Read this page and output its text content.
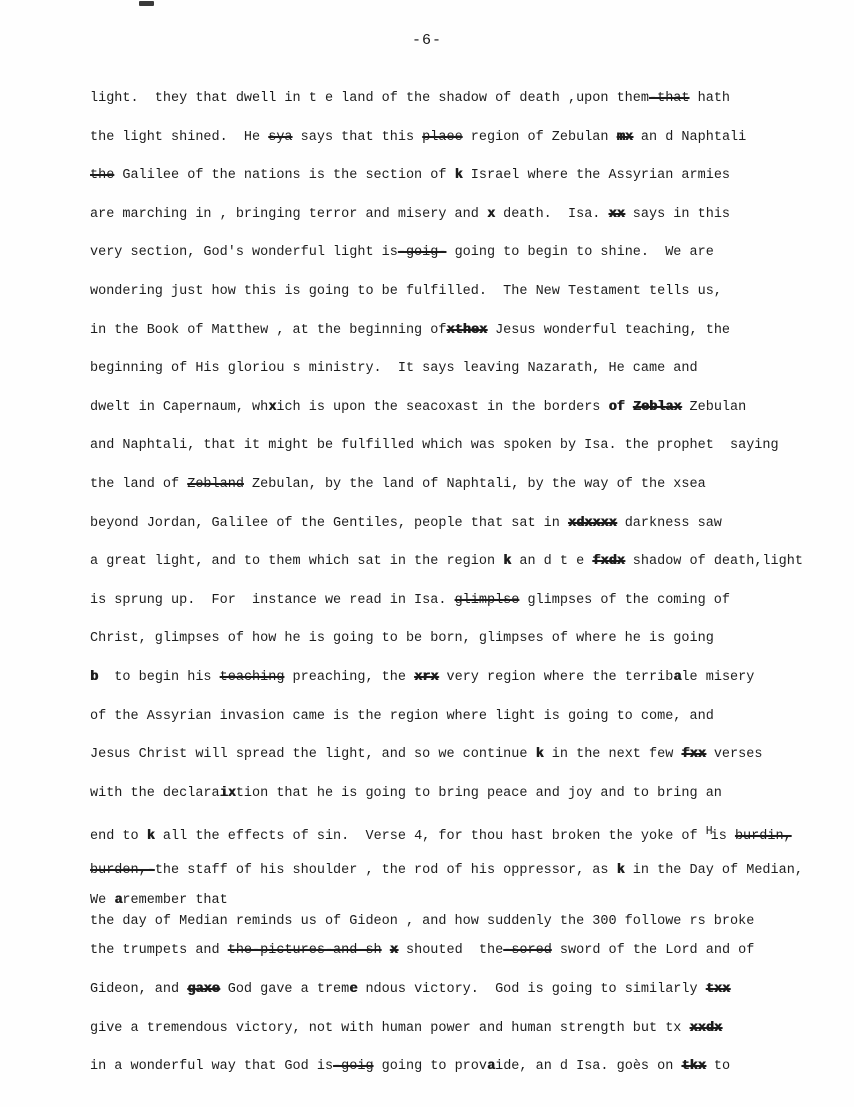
-6-
light.  they that dwell in t e land of the shadow of death ,upon them-that hath
the light shined.  He sya says that this plaee region of Zebulan mx an d Naphtali
the Galilee of the nations is the section of k Israel where the Assyrian armies
are marching in , bringing terror and misery and x death.  Isa. xx says in this
very section, God's wonderful light is-goig- going to begin to shine.  We are
wondering just how this is going to be fulfilled.  The New Testament tells us,
in the Book of Matthew , at the beginning ofxthex Jesus wonderful teaching, the
beginning of His gloriou s ministry.  It says leaving Nazarath, He came and
dwelt in Capernaum, whxich is upon the seacoxast in the borders of Zeblax Zebulan
and Naphtali, that it might be fulfilled which was spoken by Isa. the prophet  saying
the land of Zebland Zebulan, by the land of Naphtali, by the way of the xsea
beyond Jordan, Galilee of the Gentiles, people that sat in xdxxxx darkness saw
a great light, and to them which sat in the region k an d t e fxdx shadow of death,light
is sprung up.  For  instance we read in Isa. glimplse glimpses of the coming of
Christ, glimpses of how he is going to be born, glimpses of where he is going
b  to begin his teaching preaching, the xrx very region where the terribale misery
of the Assyrian invasion came is the region where light is going to come, and
Jesus Christ will spread the light, and so we continue k in the next few fxx verses
with the declaraixtion that he is going to bring peace and joy and to bring an
end to k all the effects of sin.  Verse 4, for thou hast broken the yoke of His burdin,
burden,-the staff of his shoulder , the rod of his oppressor, as k in the Day of Median,
We aremember that
the day of Median reminds us of Gideon , and how suddenly the 300 followe rs broke
the trumpets and the-pictures-and sh x shouted  the-sored sword of the Lord and of
Gideon, and gaxe God gave a treme ndous victory.  God is going to similarly txx
give a tremendous victory, not with human power and human strength but tx xxdx
in a wonderful way that God is-goig going to provaide, an d Isa. goès on tkx to
